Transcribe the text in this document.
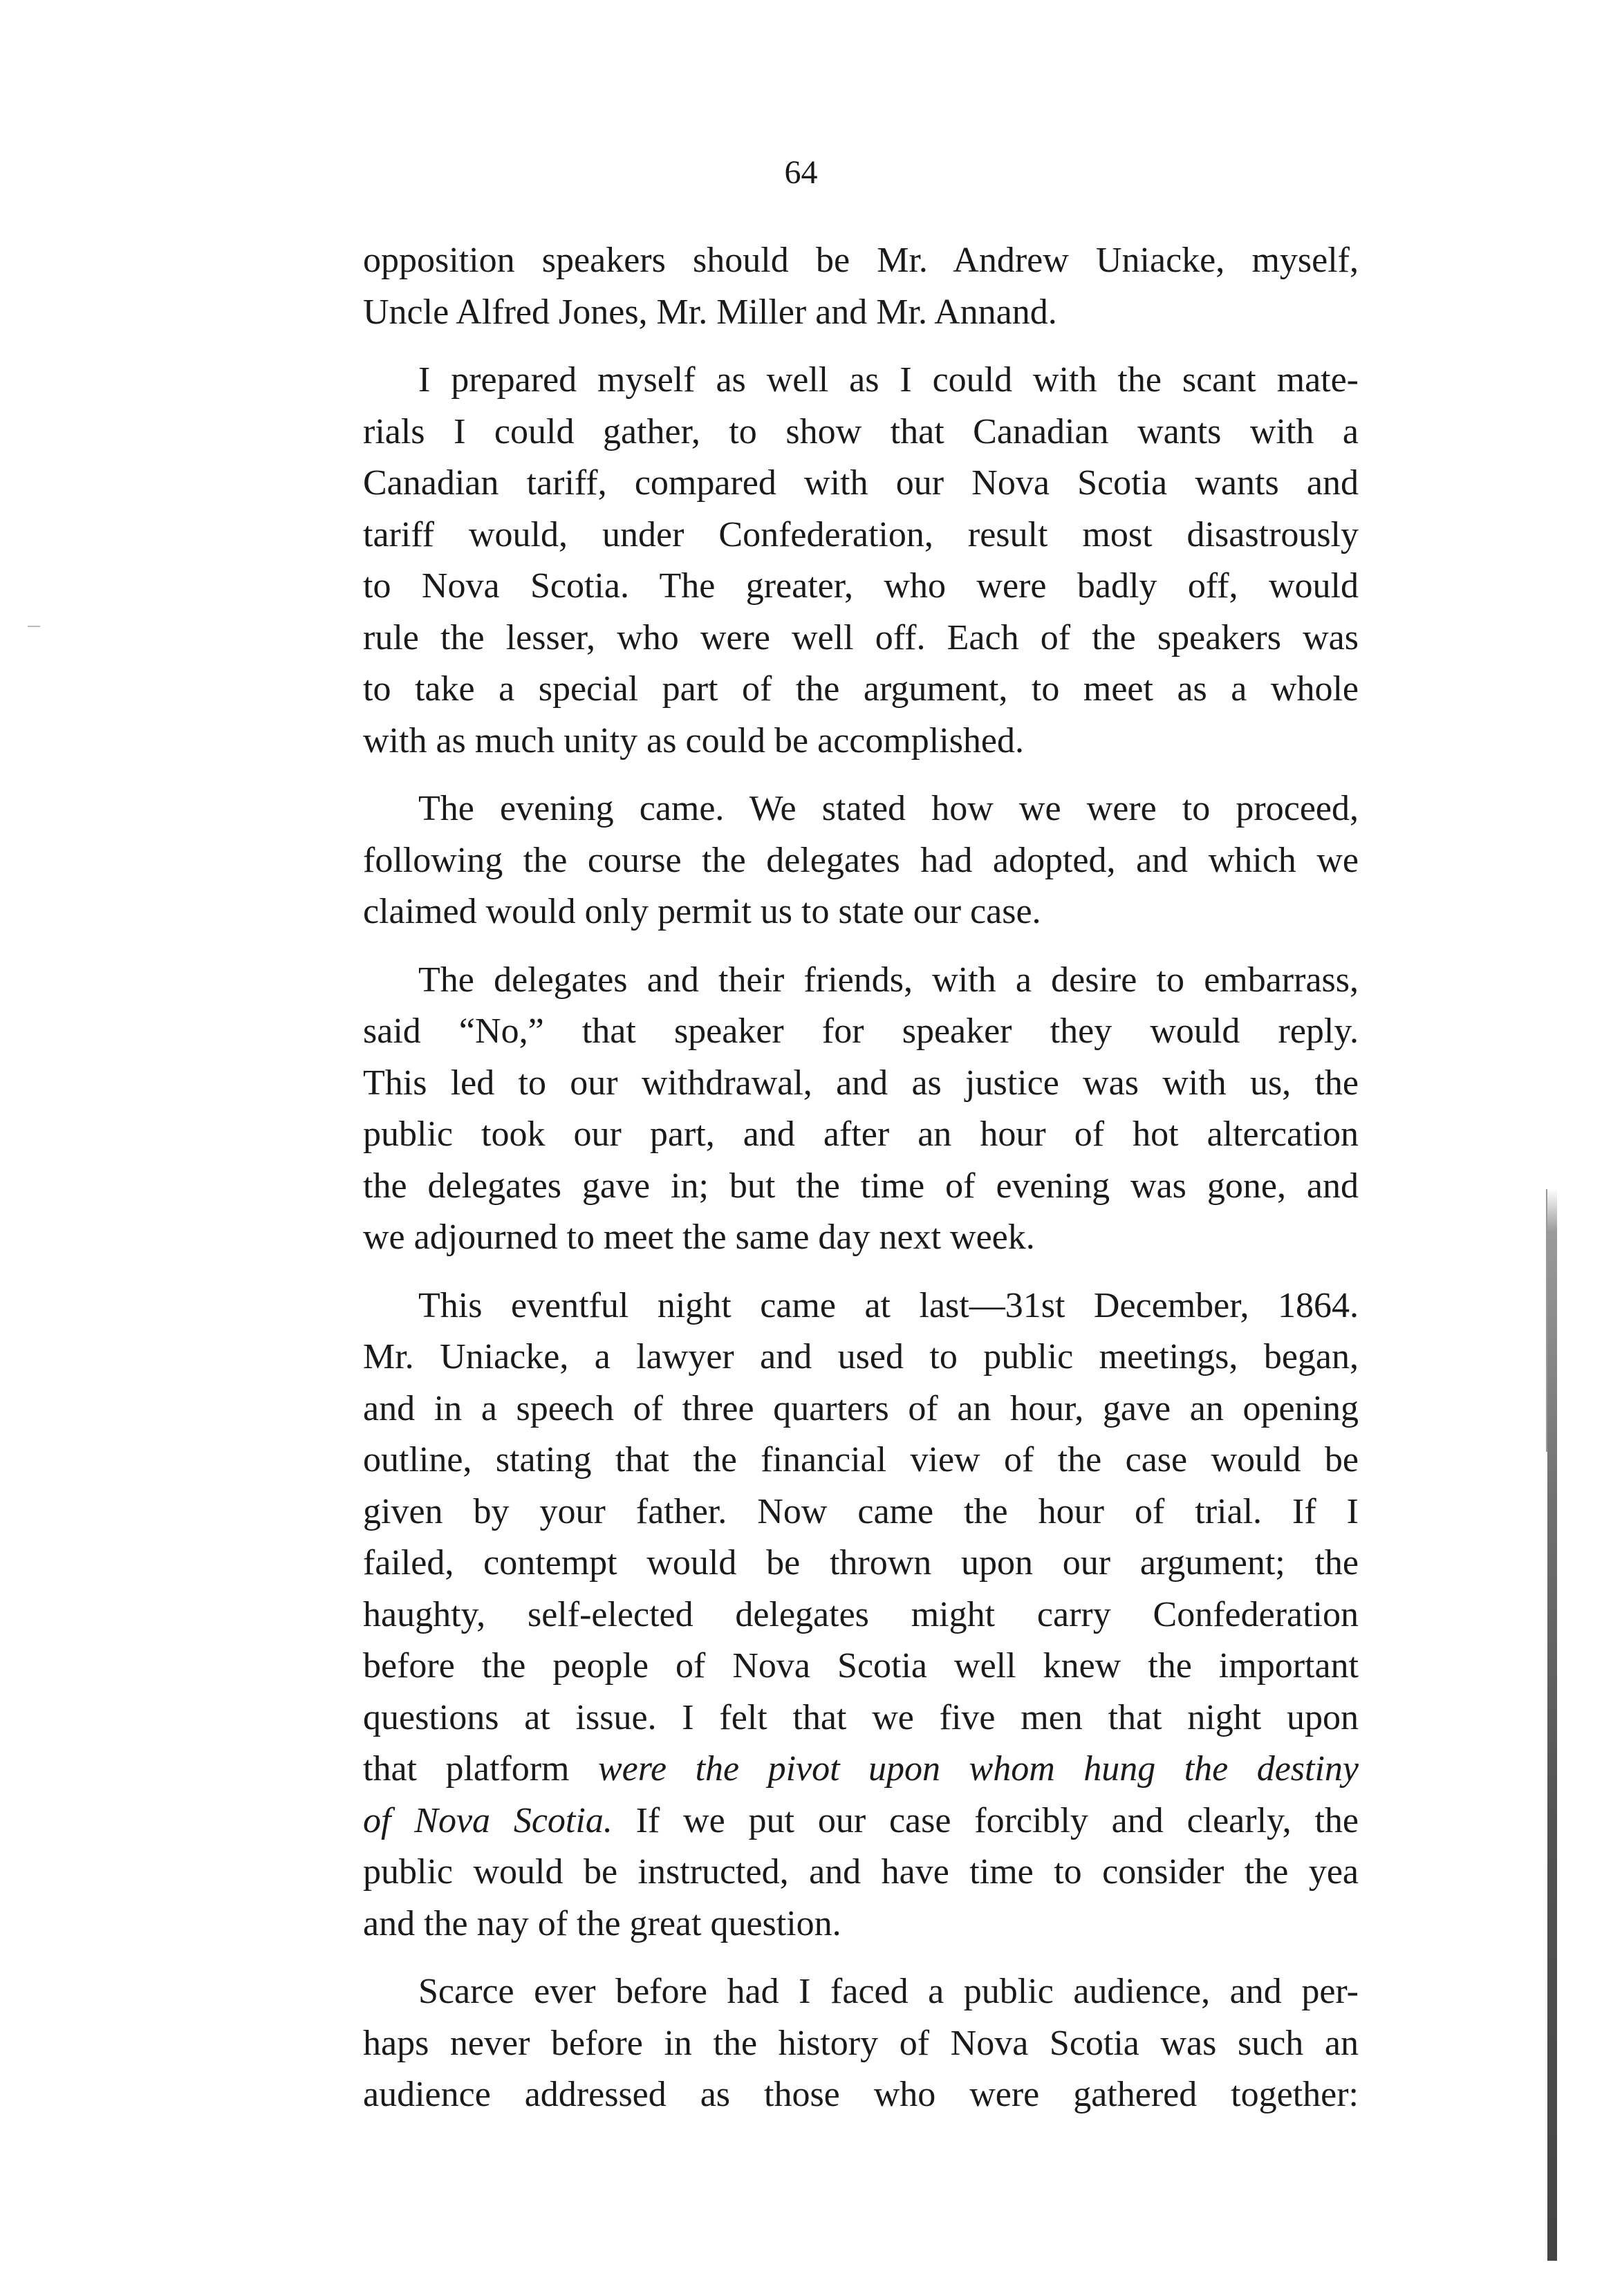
64

opposition speakers should be Mr. Andrew Uniacke, myself,
Uncle Alfred Jones, Mr. Miller and Mr. Annand.

I prepared myself as well as I could with the scant mate-
rials I could gather, to show that Canadian wants with a
Canadian tariff, compared with our Nova Scotia wants and
tariff would, under Confederation, result most disastrously
to Nova Scotia. The greater, who were badly off, would
rule the lesser, who were well off. Each of the speakers was
to take a special part of the argument, to meet as a whole
with as much unity as could be accomplished.

The evening came. We stated how we were to proceed,
following the course the delegates had adopted, and which we
claimed would only permit us to state our case.

The delegates and their friends, with a desire to embarrass,
said “No,” that speaker for speaker they would reply.
This led to our withdrawal, and as justice was with us, the
public took our part, and after an hour of hot altercation
the delegates gave in; but the time of evening was gone, and
we adjourned to meet the same day next week.

This eventful night came at last—31st December, 1864.
Mr. Uniacke, a lawyer and used to public meetings, began,
and in a speech of three quarters of an hour, gave an opening
outline, stating that the financial view of the case would be
given by your father. Now came the hour of trial. If I
failed, contempt would be thrown upon our argument; the
haughty, self-elected delegates might carry Confederation
before the people of Nova Scotia well knew the important
questions at issue. I felt that we five men that night upon
that platform were the pivot upon whom hung the destiny
of Nova Scotia. If we put our case forcibly and clearly, the
public would be instructed, and have time to consider the yea
and the nay of the great question.

Scarce ever before had I faced a public audience, and per-
haps never before in the history of Nova Scotia was such an
audience addressed as those who were gathered together:
